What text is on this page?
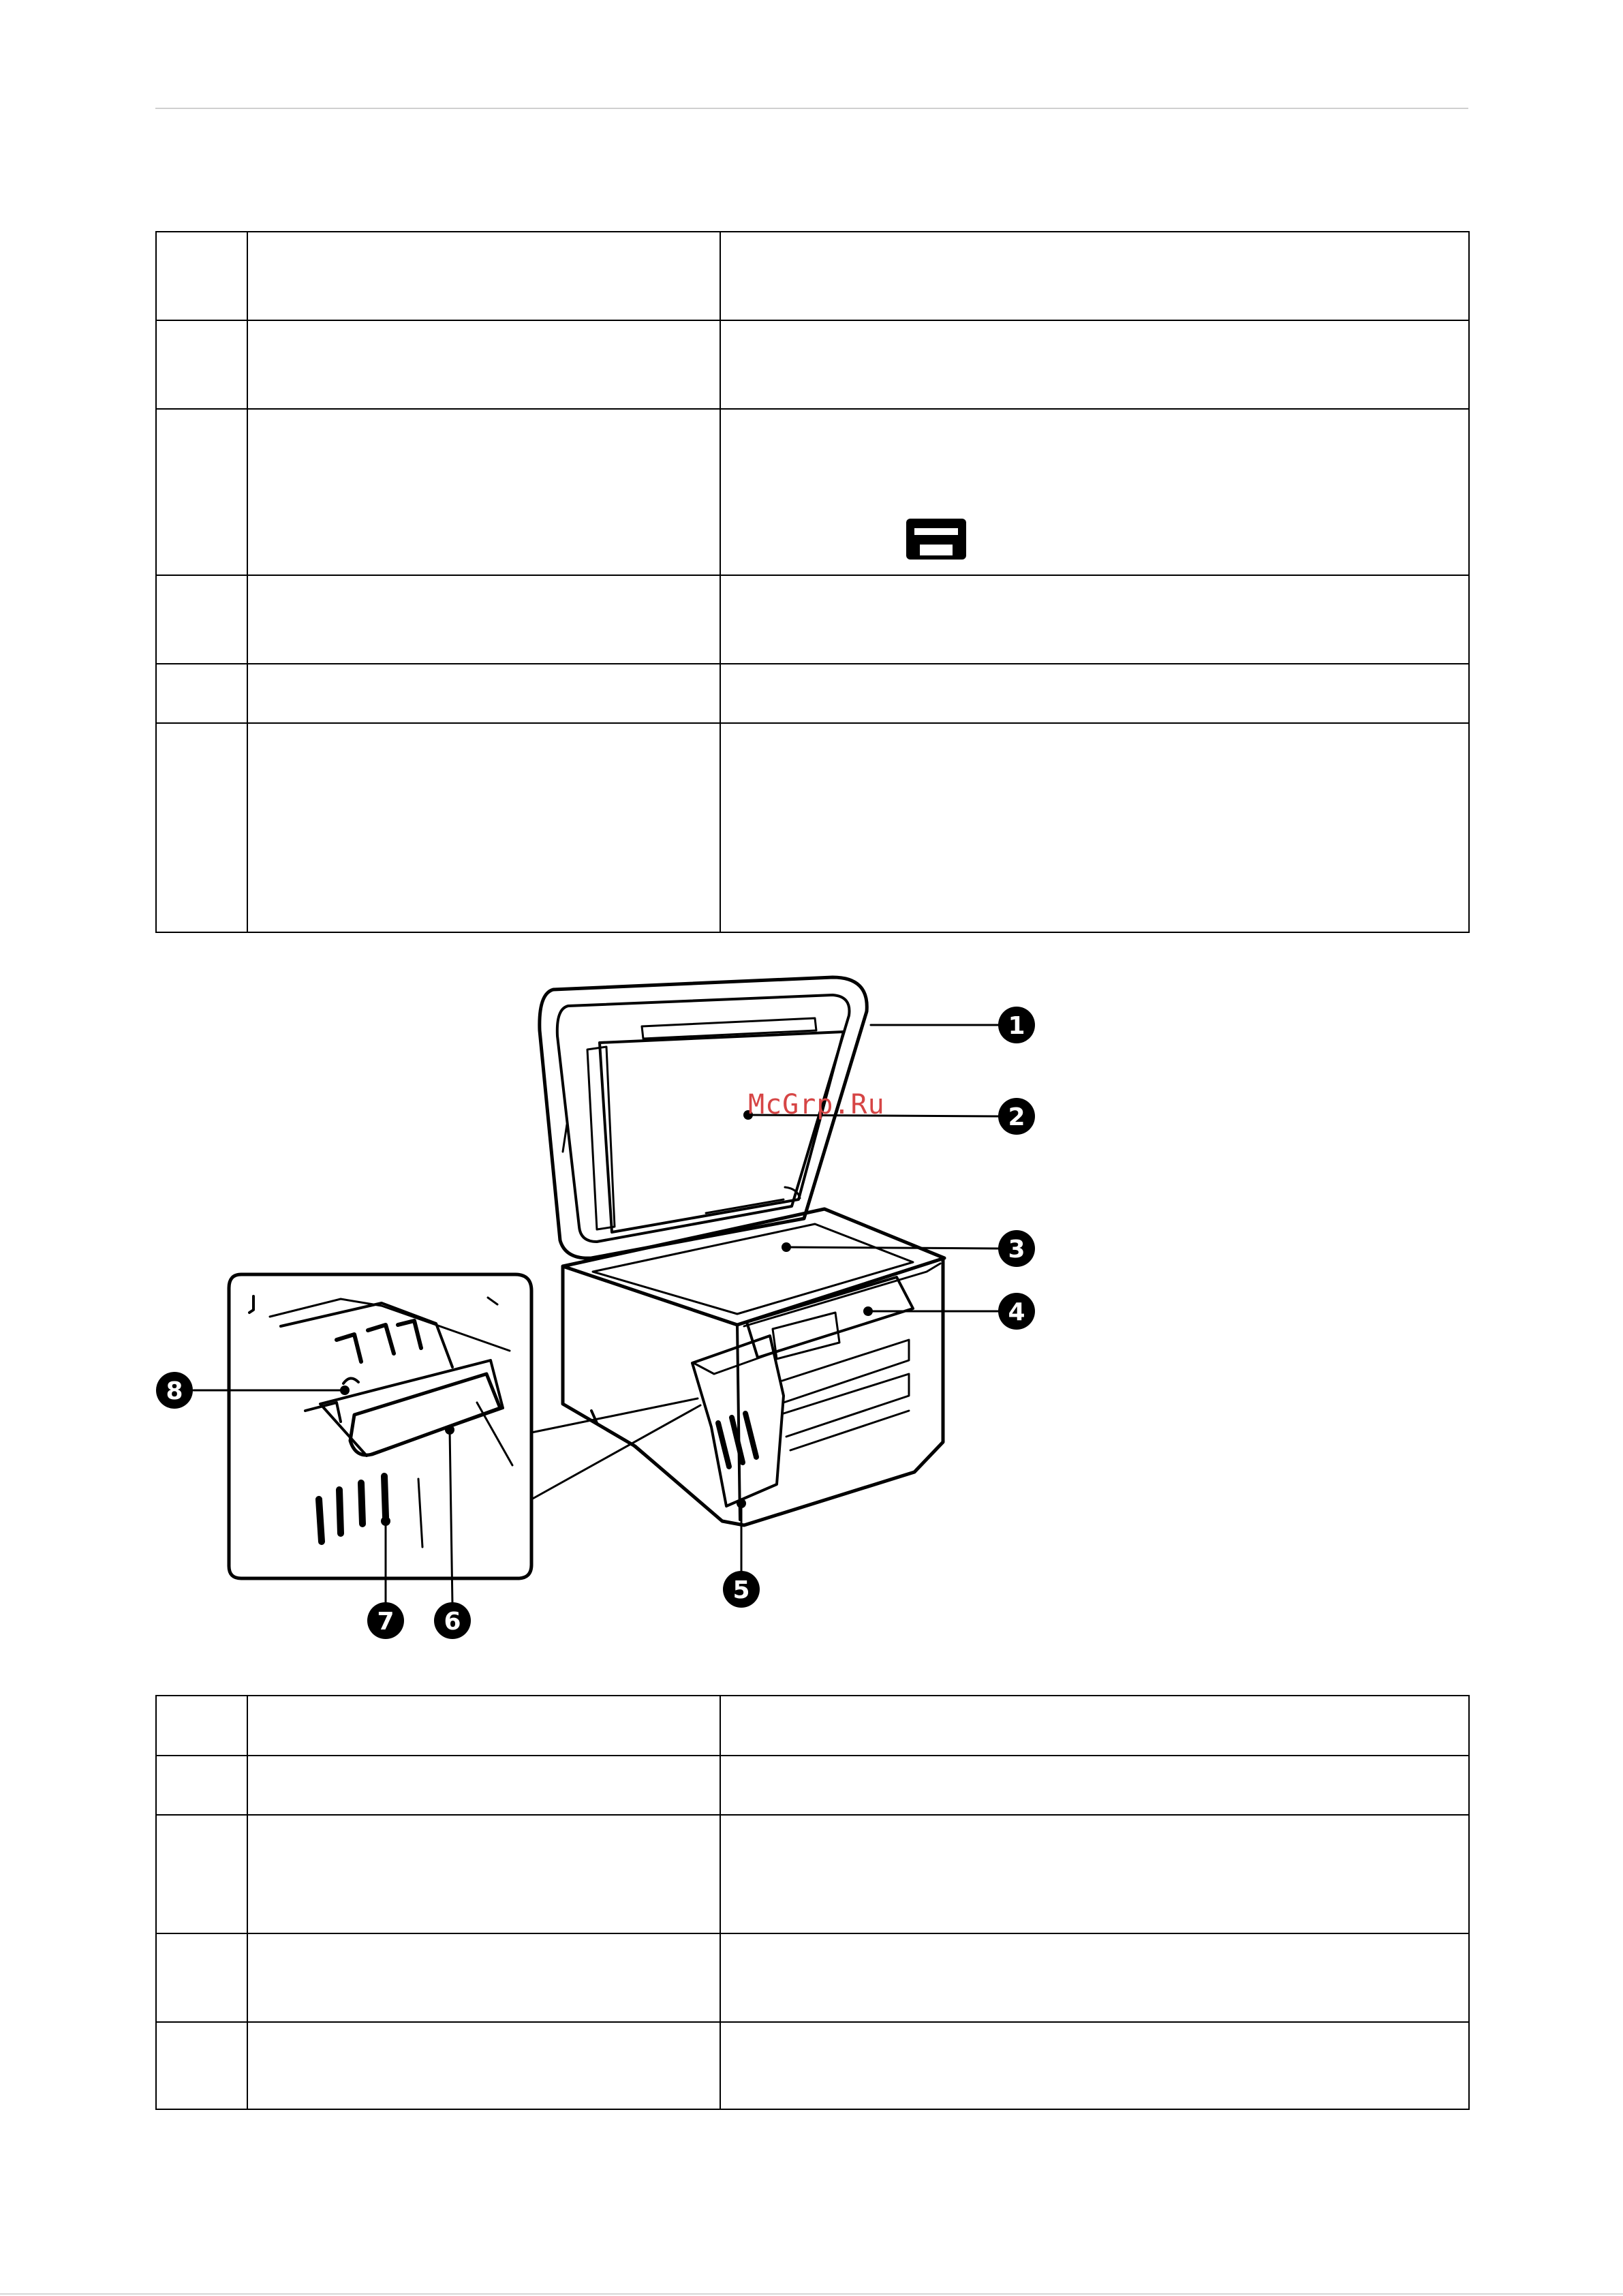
1
2
3
4
5
6
7
8
McGrp.Ru
